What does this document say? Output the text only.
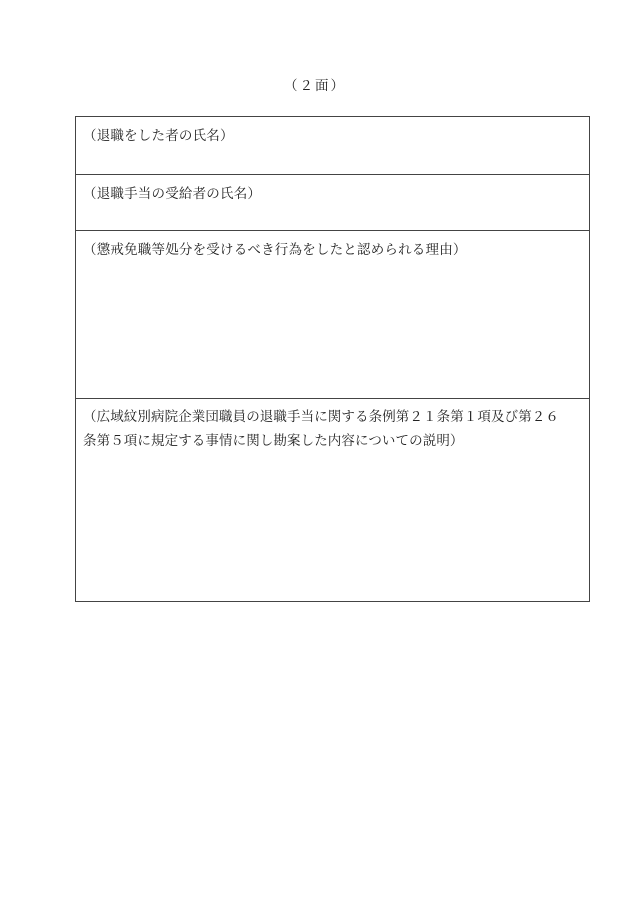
（２面）
（退職をした者の氏名）
（退職手当の受給者の氏名）
（懲戒免職等処分を受けるべき行為をしたと認められる理由）
（広域紋別病院企業団職員の退職手当に関する条例第２１条第１項及び第２６
条第５項に規定する事情に関し勘案した内容についての説明）
